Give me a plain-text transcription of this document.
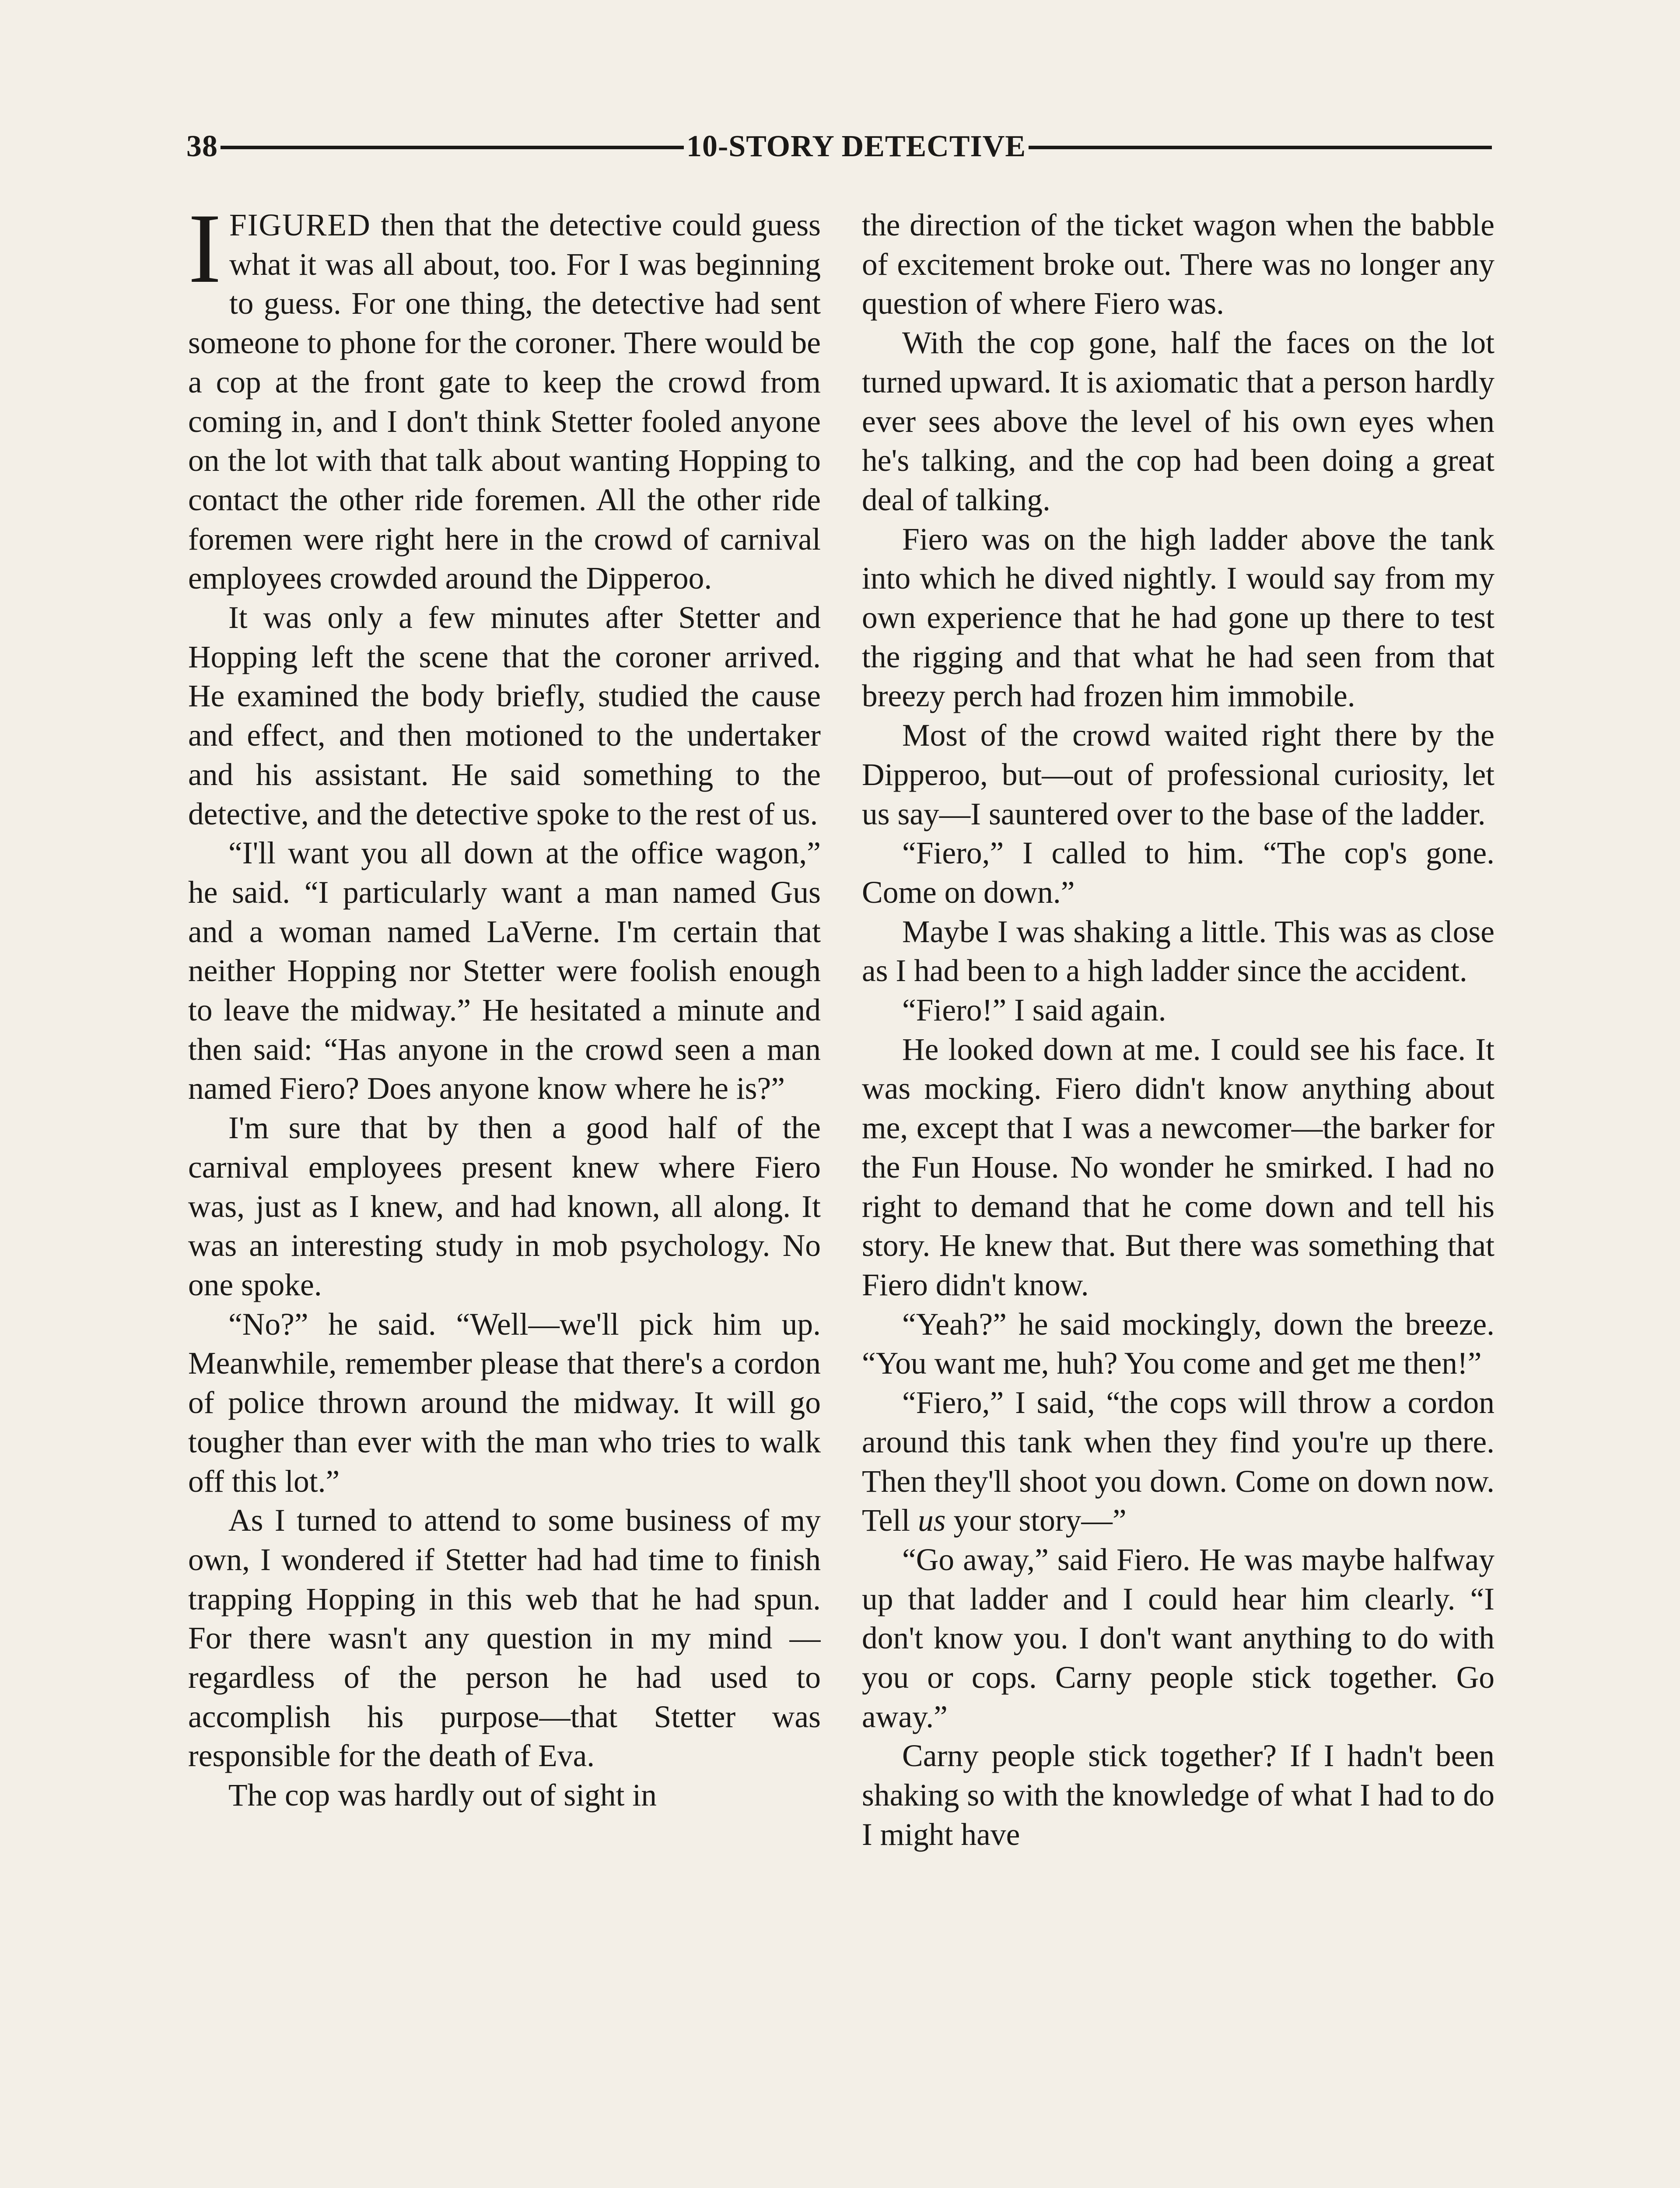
38	10-STORY DETECTIVE

IFIGURED then that the detective could guess what it was all about, too. For I was beginning to guess. For one thing, the detective had sent someone to phone for the coroner. There would be a cop at the front gate to keep the crowd from coming in, and I don't think Stetter fooled anyone on the lot with that talk about wanting Hopping to contact the other ride foremen. All the other ride foremen were right here in the crowd of carnival employees crowded around the Dipperoo.

It was only a few minutes after Stetter and Hopping left the scene that the coroner arrived. He examined the body briefly, studied the cause and effect, and then motioned to the undertaker and his assistant. He said something to the detective, and the detective spoke to the rest of us.

“I'll want you all down at the office wagon,” he said. “I particularly want a man named Gus and a woman named LaVerne. I'm certain that neither Hopping nor Stetter were foolish enough to leave the midway.” He hesitated a minute and then said: “Has anyone in the crowd seen a man named Fiero? Does anyone know where he is?”

I'm sure that by then a good half of the carnival employees present knew where Fiero was, just as I knew, and had known, all along. It was an interesting study in mob psychology. No one spoke.

“No?” he said. “Well—we'll pick him up. Meanwhile, remember please that there's a cordon of police thrown around the midway. It will go tougher than ever with the man who tries to walk off this lot.”

As I turned to attend to some business of my own, I wondered if Stetter had had time to finish trapping Hopping in this web that he had spun. For there wasn't any question in my mind —regardless of the person he had used to accomplish his purpose—that Stetter was responsible for the death of Eva.

The cop was hardly out of sight in

the direction of the ticket wagon when the babble of excitement broke out. There was no longer any question of where Fiero was.

With the cop gone, half the faces on the lot turned upward. It is axiomatic that a person hardly ever sees above the level of his own eyes when he's talking, and the cop had been doing a great deal of talking.

Fiero was on the high ladder above the tank into which he dived nightly. I would say from my own experience that he had gone up there to test the rigging and that what he had seen from that breezy perch had frozen him immobile.

Most of the crowd waited right there by the Dipperoo, but—out of professional curiosity, let us say—I sauntered over to the base of the ladder.

“Fiero,” I called to him. “The cop's gone. Come on down.”

Maybe I was shaking a little. This was as close as I had been to a high ladder since the accident.

“Fiero!” I said again.

He looked down at me. I could see his face. It was mocking. Fiero didn't know anything about me, except that I was a newcomer—the barker for the Fun House. No wonder he smirked. I had no right to demand that he come down and tell his story. He knew that. But there was something that Fiero didn't know.

“Yeah?” he said mockingly, down the breeze. “You want me, huh? You come and get me then!”

“Fiero,” I said, “the cops will throw a cordon around this tank when they find you're up there. Then they'll shoot you down. Come on down now. Tell us your story—”

“Go away,” said Fiero. He was maybe halfway up that ladder and I could hear him clearly. “I don't know you. I don't want anything to do with you or cops. Carny people stick together. Go away.”

Carny people stick together? If I hadn't been shaking so with the knowledge of what I had to do I might have
